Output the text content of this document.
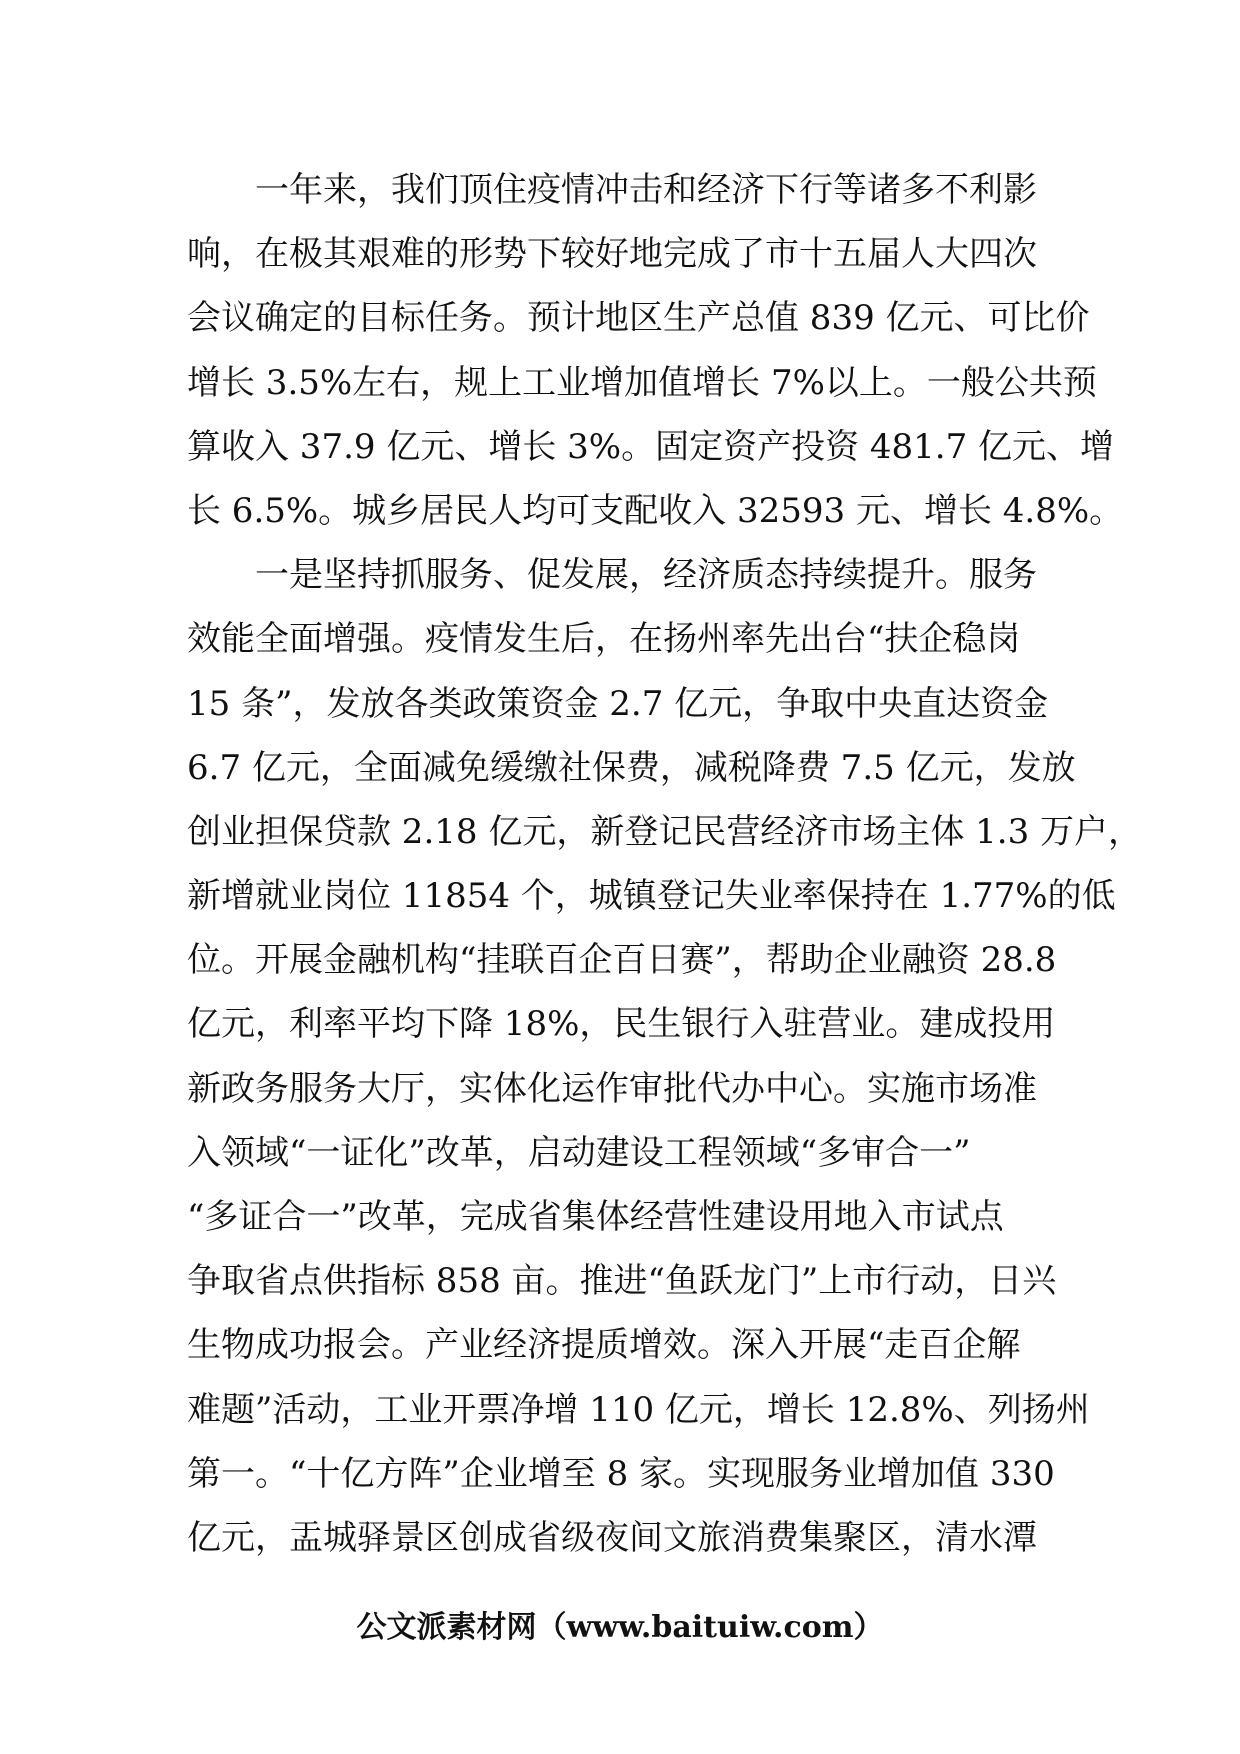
　　一年来，我们顶住疫情冲击和经济下行等诸多不利影
响，在极其艰难的形势下较好地完成了市十五届人大四次
会议确定的目标任务。预计地区生产总值 839 亿元、可比价
增长 3.5%左右，规上工业增加值增长 7%以上。一般公共预
算收入 37.9 亿元、增长 3%。固定资产投资 481.7 亿元、增
长 6.5%。城乡居民人均可支配收入 32593 元、增长 4.8%。
　　一是坚持抓服务、促发展，经济质态持续提升。服务
效能全面增强。疫情发生后，在扬州率先出台“扶企稳岗
15 条”，发放各类政策资金 2.7 亿元，争取中央直达资金
6.7 亿元，全面减免缓缴社保费，减税降费 7.5 亿元，发放
创业担保贷款 2.18 亿元，新登记民营经济市场主体 1.3 万户，
新增就业岗位 11854 个，城镇登记失业率保持在 1.77%的低
位。开展金融机构“挂联百企百日赛”，帮助企业融资 28.8
亿元，利率平均下降 18%，民生银行入驻营业。建成投用
新政务服务大厅，实体化运作审批代办中心。实施市场准
入领域“一证化”改革，启动建设工程领域“多审合一”
“多证合一”改革，完成省集体经营性建设用地入市试点
争取省点供指标 858 亩。推进“鱼跃龙门”上市行动，日兴
生物成功报会。产业经济提质增效。深入开展“走百企解
难题”活动，工业开票净增 110 亿元，增长 12.8%、列扬州
第一。“十亿方阵”企业增至 8 家。实现服务业增加值 330
亿元，盂城驿景区创成省级夜间文旅消费集聚区，清水潭
公文派素材网（www.baituiw.com）
